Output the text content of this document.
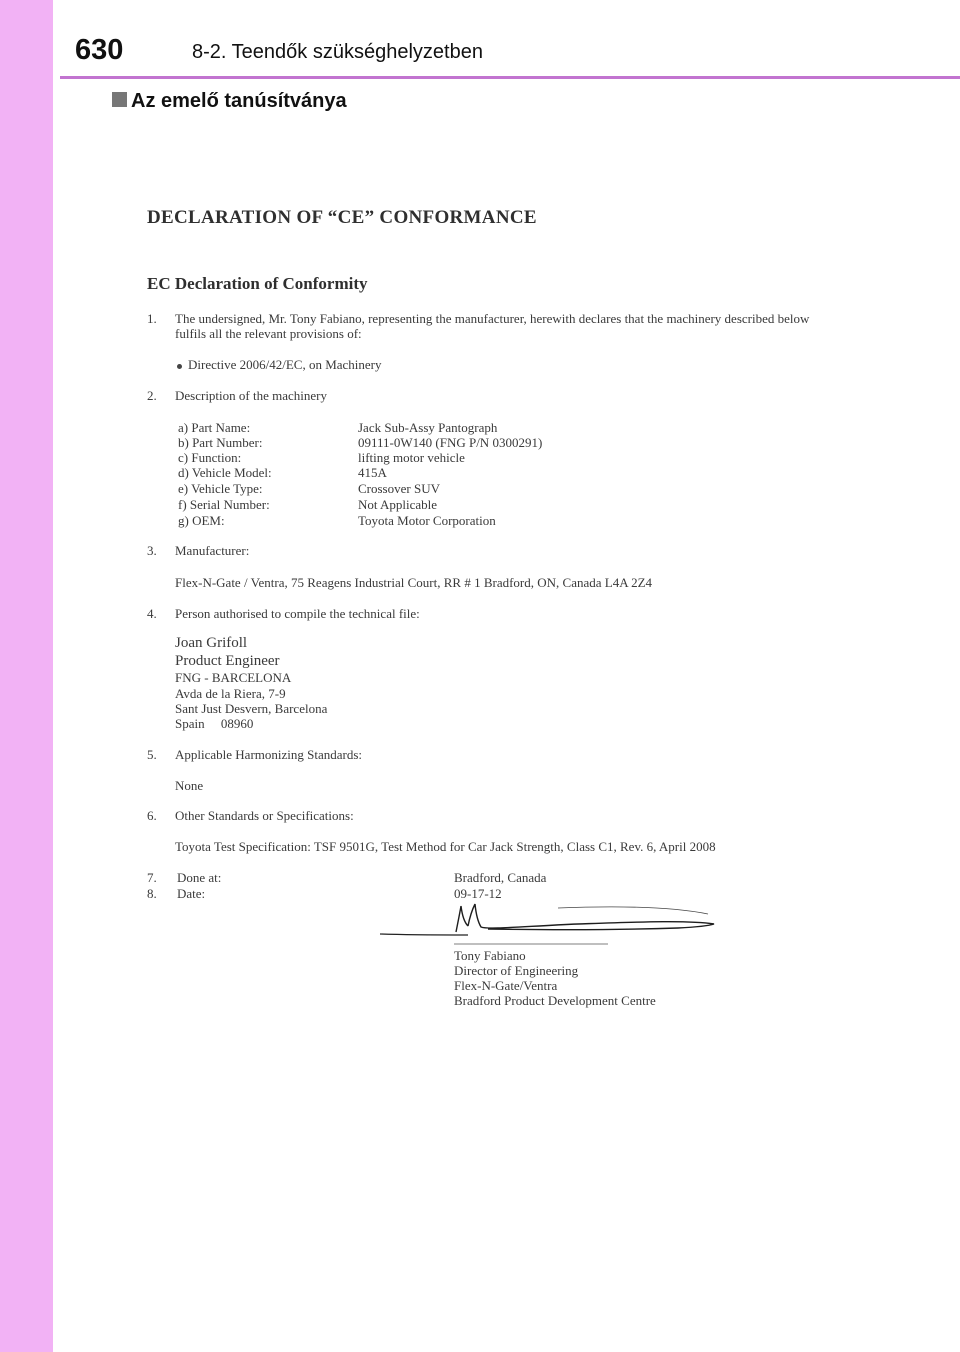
630	8-2. Teendők szükséghelyzetben
Az emelő tanúsítványa
DECLARATION OF “CE” CONFORMANCE
EC Declaration of Conformity
1. The undersigned, Mr. Tony Fabiano, representing the manufacturer, herewith declares that the machinery described below
fulfils all the relevant provisions of:
Directive 2006/42/EC, on Machinery
2. Description of the machinery
a) Part Name:	Jack Sub-Assy Pantograph
b) Part Number:	09111-0W140 (FNG P/N 0300291)
c) Function:	lifting motor vehicle
d) Vehicle Model:	415A
e) Vehicle Type:	Crossover SUV
f) Serial Number:	Not Applicable
g) OEM:	Toyota Motor Corporation
3. Manufacturer:
Flex-N-Gate / Ventra, 75 Reagens Industrial Court, RR # 1 Bradford, ON, Canada L4A 2Z4
4. Person authorised to compile the technical file:
Joan Grifoll
Product Engineer
FNG - BARCELONA
Avda de la Riera, 7-9
Sant Just Desvern, Barcelona
Spain     08960
5. Applicable Harmonizing Standards:
None
6. Other Standards or Specifications:
Toyota Test Specification: TSF 9501G, Test Method for Car Jack Strength, Class C1, Rev. 6, April 2008
7. Done at:	Bradford, Canada
8. Date:	09-17-12
Tony Fabiano
Director of Engineering
Flex-N-Gate/Ventra
Bradford Product Development Centre
